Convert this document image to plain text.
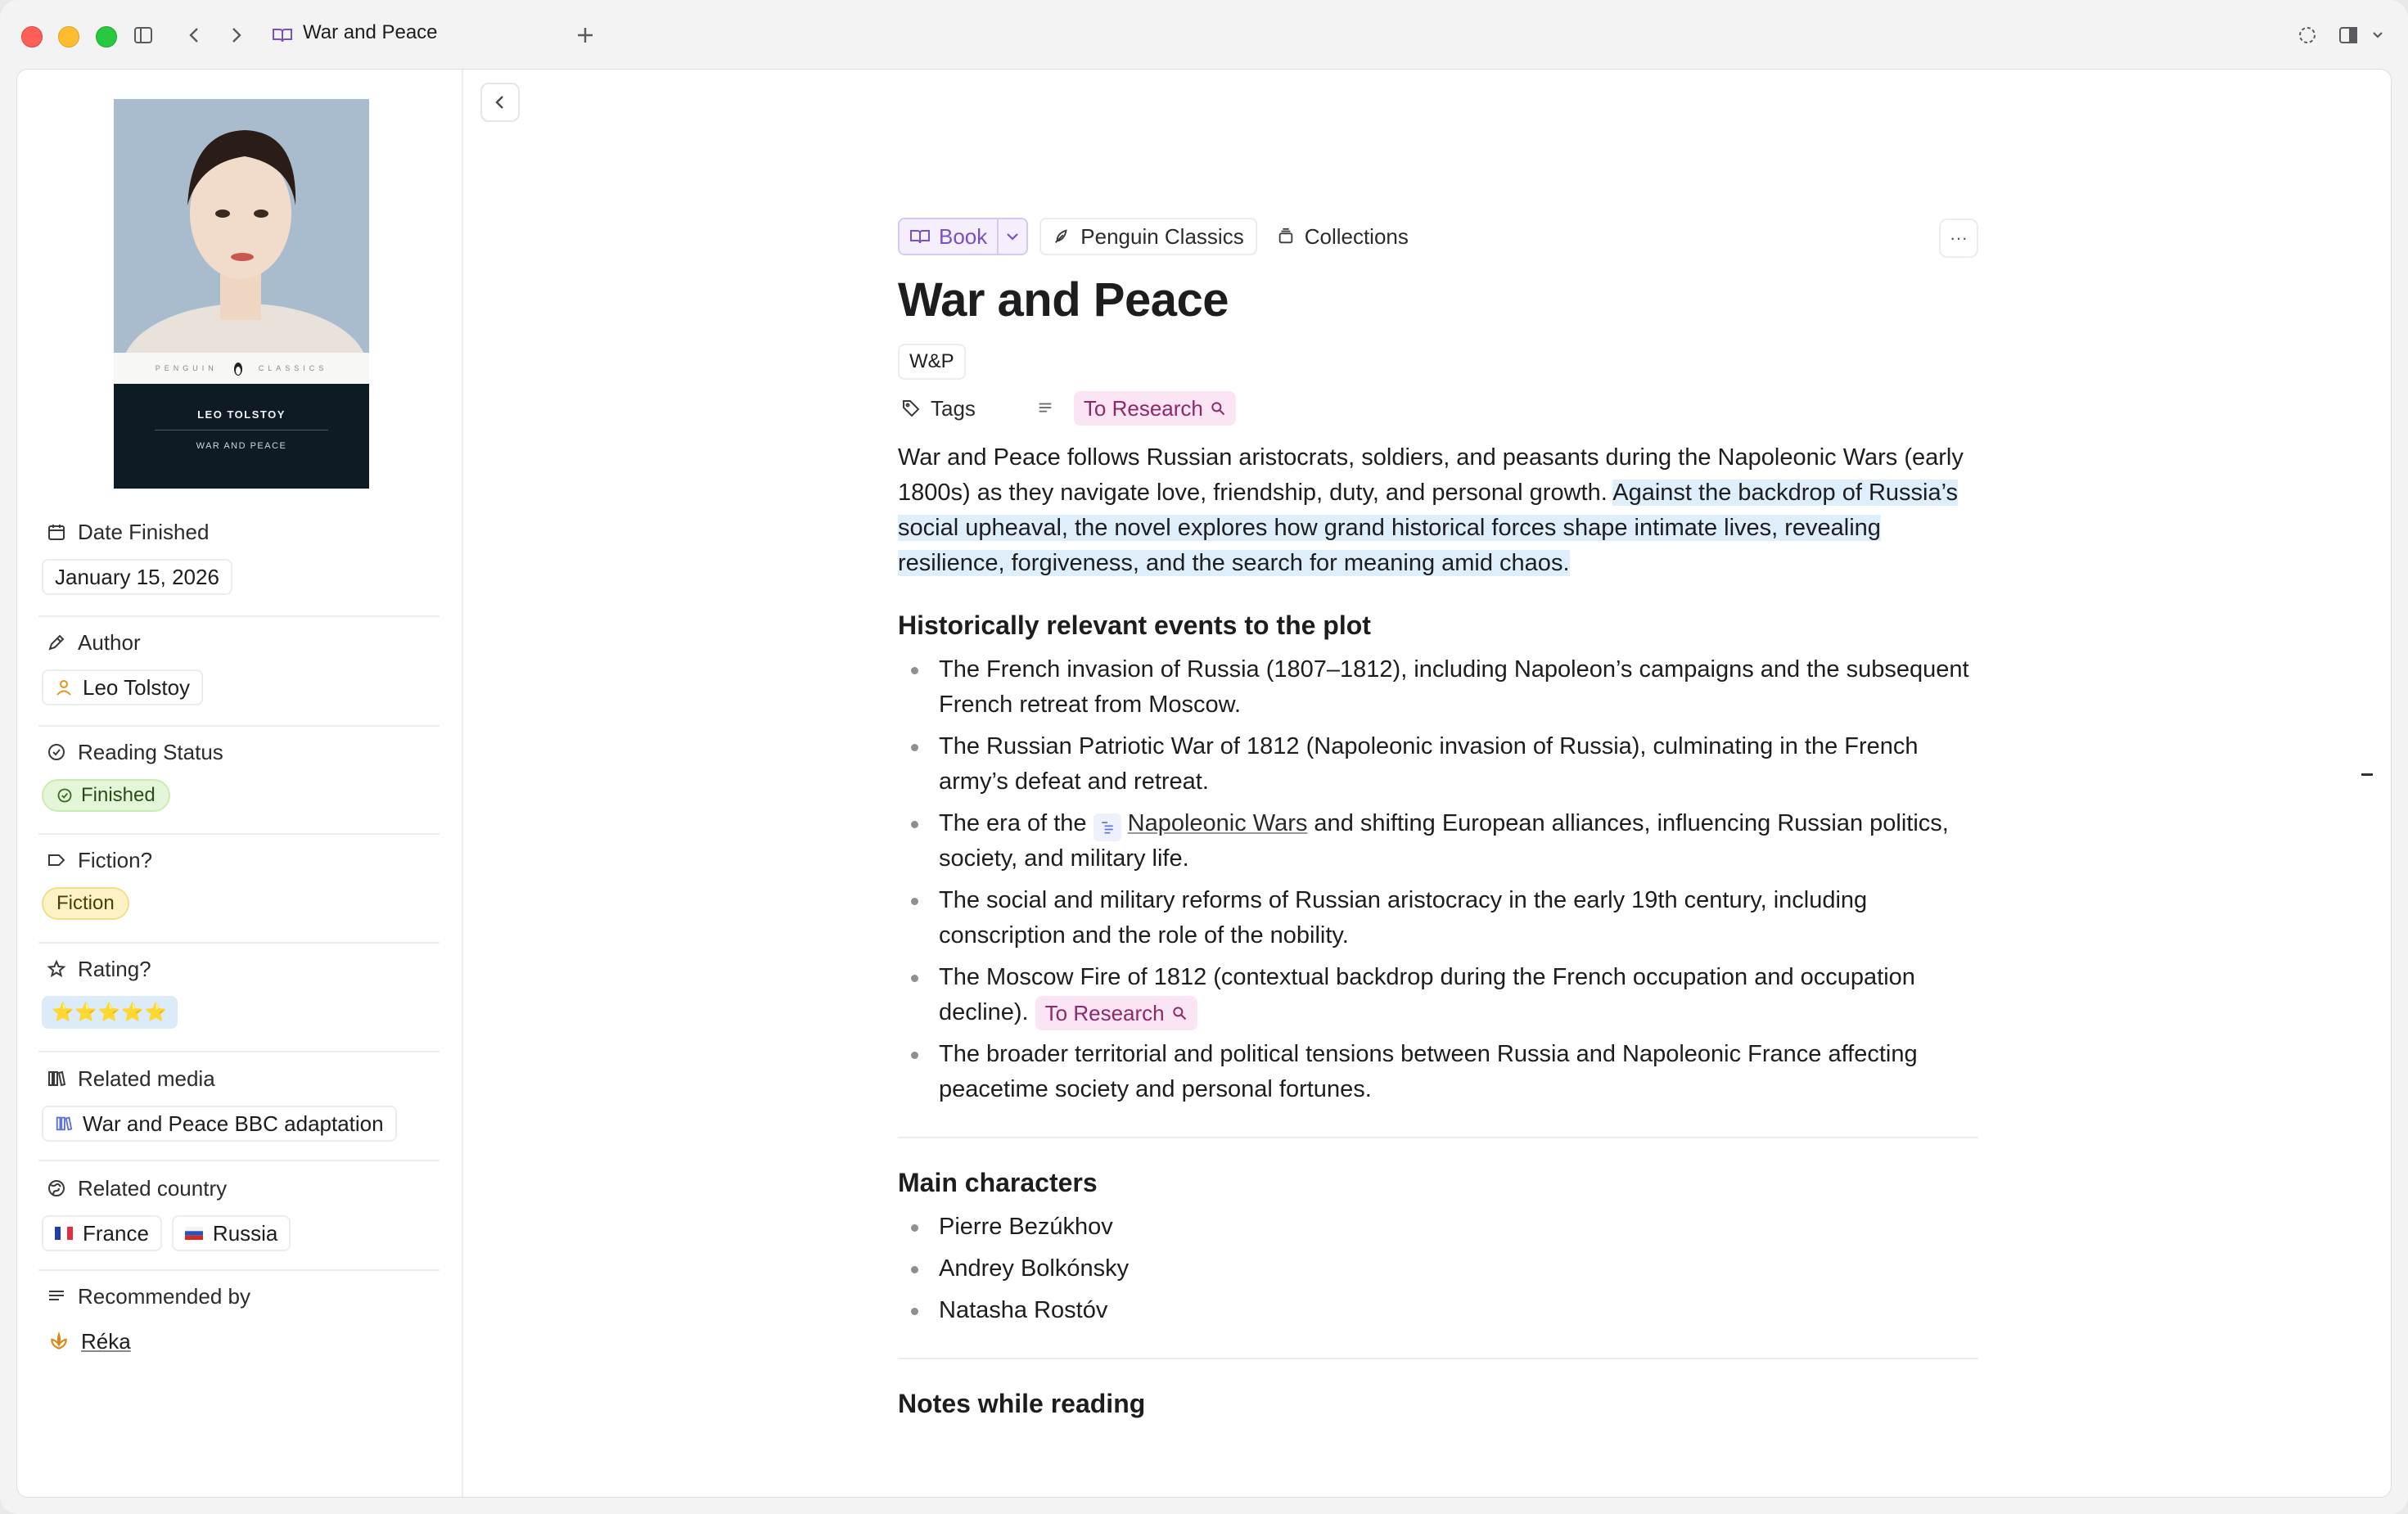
War and Peace
PENGUIN	CLASSICS
LEO TOLSTOY
WAR AND PEACE
Date Finished
January 15, 2026
Author
Leo Tolstoy
Reading Status
Finished
Fiction?
Fiction
Rating?
⭐⭐⭐⭐⭐
Related media
War and Peace BBC adaptation
Related country
France	Russia
Recommended by
Réka
Book	Penguin Classics	Collections	···
War and Peace
W&P
Tags	To Research

War and Peace follows Russian aristocrats, soldiers, and peasants during the Napoleonic Wars (early 1800s) as they navigate love, friendship, duty, and personal growth. Against the backdrop of Russia’s social upheaval, the novel explores how grand historical forces shape intimate lives, revealing resilience, forgiveness, and the search for meaning amid chaos.

Historically relevant events to the plot
The French invasion of Russia (1807–1812), including Napoleon’s campaigns and the subsequent French retreat from Moscow.
The Russian Patriotic War of 1812 (Napoleonic invasion of Russia), culminating in the French army’s defeat and retreat.
The era of the
Napoleonic Wars and shifting European alliances, influencing Russian politics, society, and military life.
The social and military reforms of Russian aristocracy in the early 19th century, including conscription and the role of the nobility.
The Moscow Fire of 1812 (contextual backdrop during the French occupation and occupation decline). To Research
The broader territorial and political tensions between Russia and Napoleonic France affecting peacetime society and personal fortunes.
Main characters
Pierre Bezúkhov
Andrey Bolkónsky
Natasha Rostóv
Notes while reading
